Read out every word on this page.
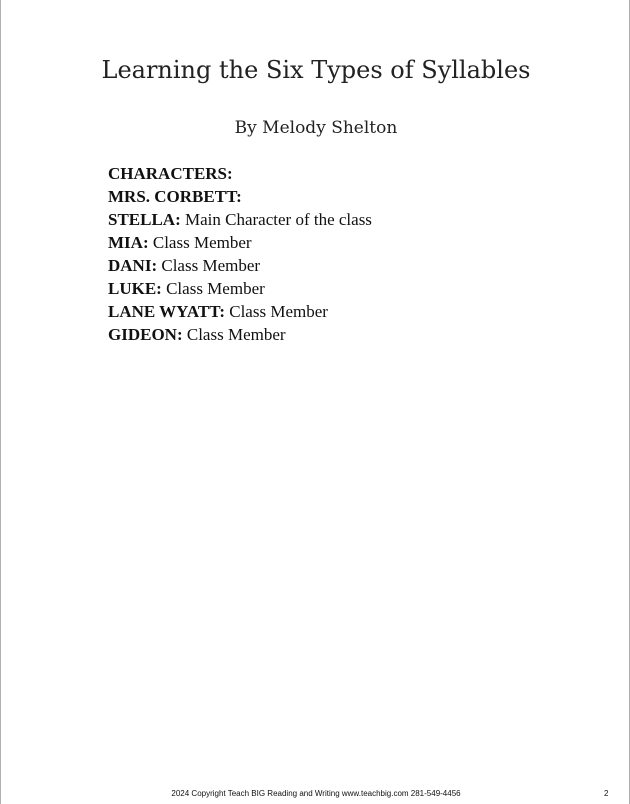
Learning the Six Types of Syllables
By Melody Shelton
CHARACTERS:
MRS. CORBETT:
STELLA: Main Character of the class
MIA: Class Member
DANI: Class Member
LUKE: Class Member
LANE WYATT: Class Member
GIDEON: Class Member
2024 Copyright Teach BIG Reading and Writing www.teachbig.com 281-549-4456	2
